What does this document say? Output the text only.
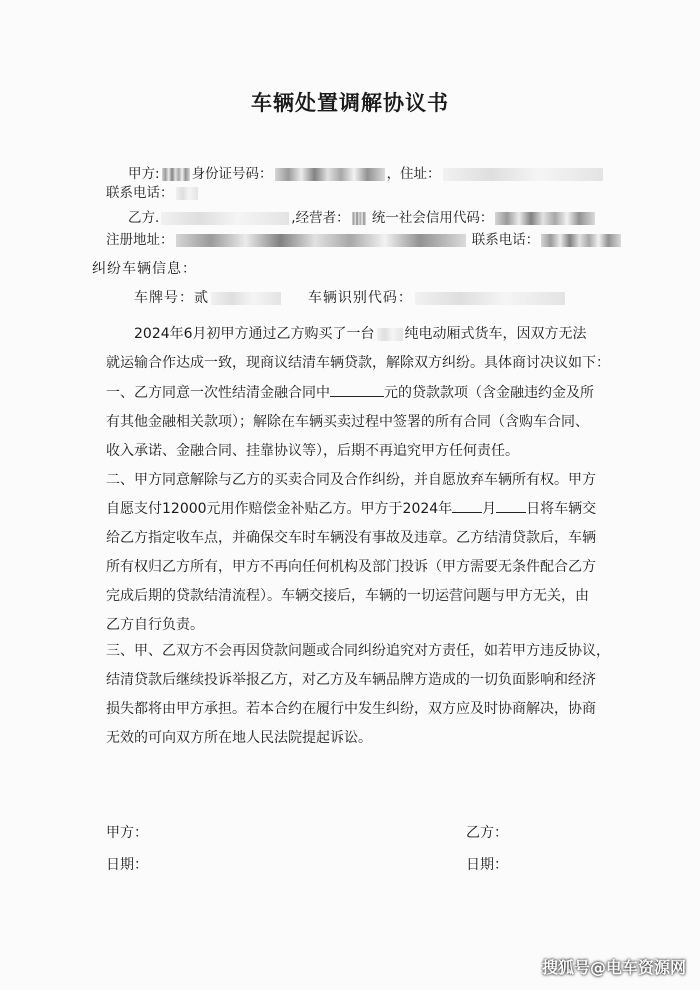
车辆处置调解协议书
甲方: 身份证号码：	，住址：
联系电话：
乙方.	,经营者： 统一社会信用代码：
注册地址：	联系电话：
纠纷车辆信息：
车牌号：贰	车辆识别代码：
2024年6月初甲方通过乙方购买了一台 纯电动厢式货车，因双方无法
就运输合作达成一致，现商议结清车辆贷款，解除双方纠纷。具体商讨决议如下：
一、乙方同意一次性结清金融合同中	元的贷款款项（含金融违约金及所
有其他金融相关款项）；解除在车辆买卖过程中签署的所有合同（含购车合同、
收入承诺、金融合同、挂靠协议等），后期不再追究甲方任何责任。
二、甲方同意解除与乙方的买卖合同及合作纠纷，并自愿放弃车辆所有权。甲方
自愿支付12000元用作赔偿金补贴乙方。甲方于2024年 月 日将车辆交
给乙方指定收车点，并确保交车时车辆没有事故及违章。乙方结清贷款后，车辆
所有权归乙方所有，甲方不再向任何机构及部门投诉（甲方需要无条件配合乙方
完成后期的贷款结清流程）。车辆交接后，车辆的一切运营问题与甲方无关，由
乙方自行负责。
三、甲、乙双方不会再因贷款问题或合同纠纷追究对方责任，如若甲方违反协议，
结清贷款后继续投诉举报乙方，对乙方及车辆品牌方造成的一切负面影响和经济
损失都将由甲方承担。若本合约在履行中发生纠纷，双方应及时协商解决，协商
无效的可向双方所在地人民法院提起诉讼。
甲方：	乙方：
日期：	日期：
搜狐号@电车资源网
